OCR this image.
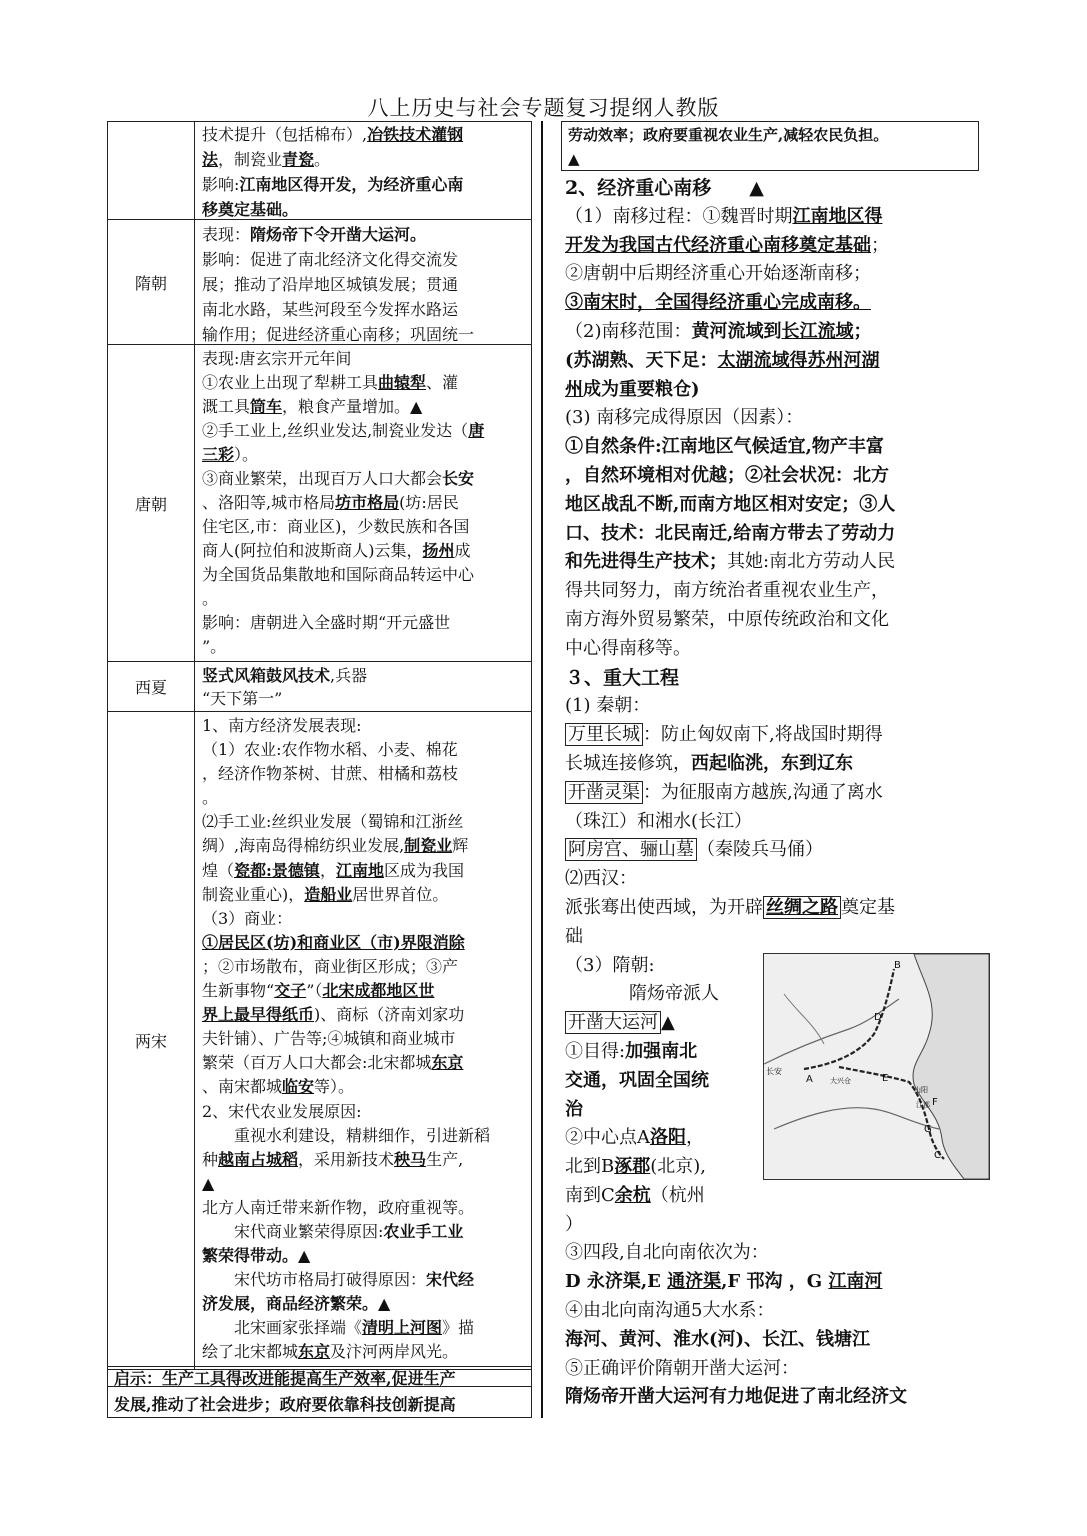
八上历史与社会专题复习提纲人教版

技术提升（包括棉布）,冶铁技术灌钢

法，制瓷业青瓷。

影响:江南地区得开发，为经济重心南

移奠定基础。

隋朝

表现：隋炀帝下令开凿大运河。

影响：促进了南北经济文化得交流发

展；推动了沿岸地区城镇发展；贯通

南北水路，某些河段至今发挥水路运

输作用；促进经济重心南移；巩固统一

唐朝

表现:唐玄宗开元年间

①农业上出现了犁耕工具曲辕犁、灌

溉工具筒车，粮食产量增加。▲

②手工业上,丝织业发达,制瓷业发达（唐

三彩）。

③商业繁荣，出现百万人口大都会长安

、洛阳等,城市格局坊市格局(坊:居民

住宅区,市：商业区)，少数民族和各国

商人(阿拉伯和波斯商人)云集，扬州成

为全国货品集散地和国际商品转运中心

。

影响：唐朝进入全盛时期“开元盛世

”。

西夏

竖式风箱鼓风技术,兵器

“天下第一”

两宋

1、南方经济发展表现:

（1）农业:农作物水稻、小麦、棉花

，经济作物茶树、甘蔗、柑橘和荔枝

。

⑵手工业:丝织业发展（蜀锦和江浙丝

绸）,海南岛得棉纺织业发展,制瓷业辉

煌（瓷都:景德镇，江南地区成为我国

制瓷业重心)，造船业居世界首位。

（3）商业：

①居民区(坊)和商业区（市)界限消除

；②市场散布，商业街区形成；③产

生新事物“交子”（北宋成都地区世

界上最早得纸币)、商标（济南刘家功

夫针铺）、广告等;④城镇和商业城市

繁荣（百万人口大都会:北宋都城东京

、南宋都城临安等）。

2、宋代农业发展原因:

重视水利建设，精耕细作，引进新稻

种越南占城稻，采用新技术秧马生产,

▲

北方人南迁带来新作物，政府重视等。

宋代商业繁荣得原因:农业手工业

繁荣得带动。▲

宋代坊市格局打破得原因：宋代经

济发展，商品经济繁荣。▲

北宋画家张择端《清明上河图》描

绘了北宋都城东京及汴河两岸风光。

启示：生产工具得改进能提高生产效率,促进生产
发展,推动了社会进步；政府要依靠科技创新提高
劳动效率；政府要重视农业生产,减轻农民负担。
▲

2、经济重心南移　　▲

（1）南移过程：①魏晋时期江南地区得

开发为我国古代经济重心南移奠定基础；

②唐朝中后期经济重心开始逐渐南移；

③南宋时，全国得经济重心完成南移。

（2)南移范围：黄河流域到长江流域；

(苏湖熟、天下足：太湖流域得苏州河湖

州成为重要粮仓)

(3) 南移完成得原因（因素）：

①自然条件:江南地区气候适宜,物产丰富

，自然环境相对优越；②社会状况：北方

地区战乱不断,而南方地区相对安定；③人

口、技术：北民南迁,给南方带去了劳动力

和先进得生产技术；其她:南北方劳动人民

得共同努力，南方统治者重视农业生产，

南方海外贸易繁荣，中原传统政治和文化

中心得南移等。

３、重大工程

(1) 秦朝：

万里长城 ：防止匈奴南下,将战国时期得

长城连接修筑，西起临洮，东到辽东

开凿灵渠 ：为征服南方越族,沟通了离水

（珠江）和湘水(长江）

阿房宫、骊山墓 （秦陵兵马俑）

⑵西汉：

派张骞出使西域，为开辟 丝绸之路 奠定基

础

（3）隋朝:

隋炀帝派人

开凿大运河 ▲

①目得:加强南北

交通，巩固全国统

治

②中心点A洛阳，

北到B涿郡(北京),

南到C余杭（杭州

）

③四段,自北向南依次为：

D 永济渠,E 通济渠,F 邗沟 ，G 江南河

④由北向南沟通5大水系：

海河、黄河、淮水(河)、长江、钱塘江

⑤正确评价隋朝开凿大运河：

隋炀帝开凿大运河有力地促进了南北经济文

B
D
长安
A 大兴仓	E
山阳
江都 F
G
C
